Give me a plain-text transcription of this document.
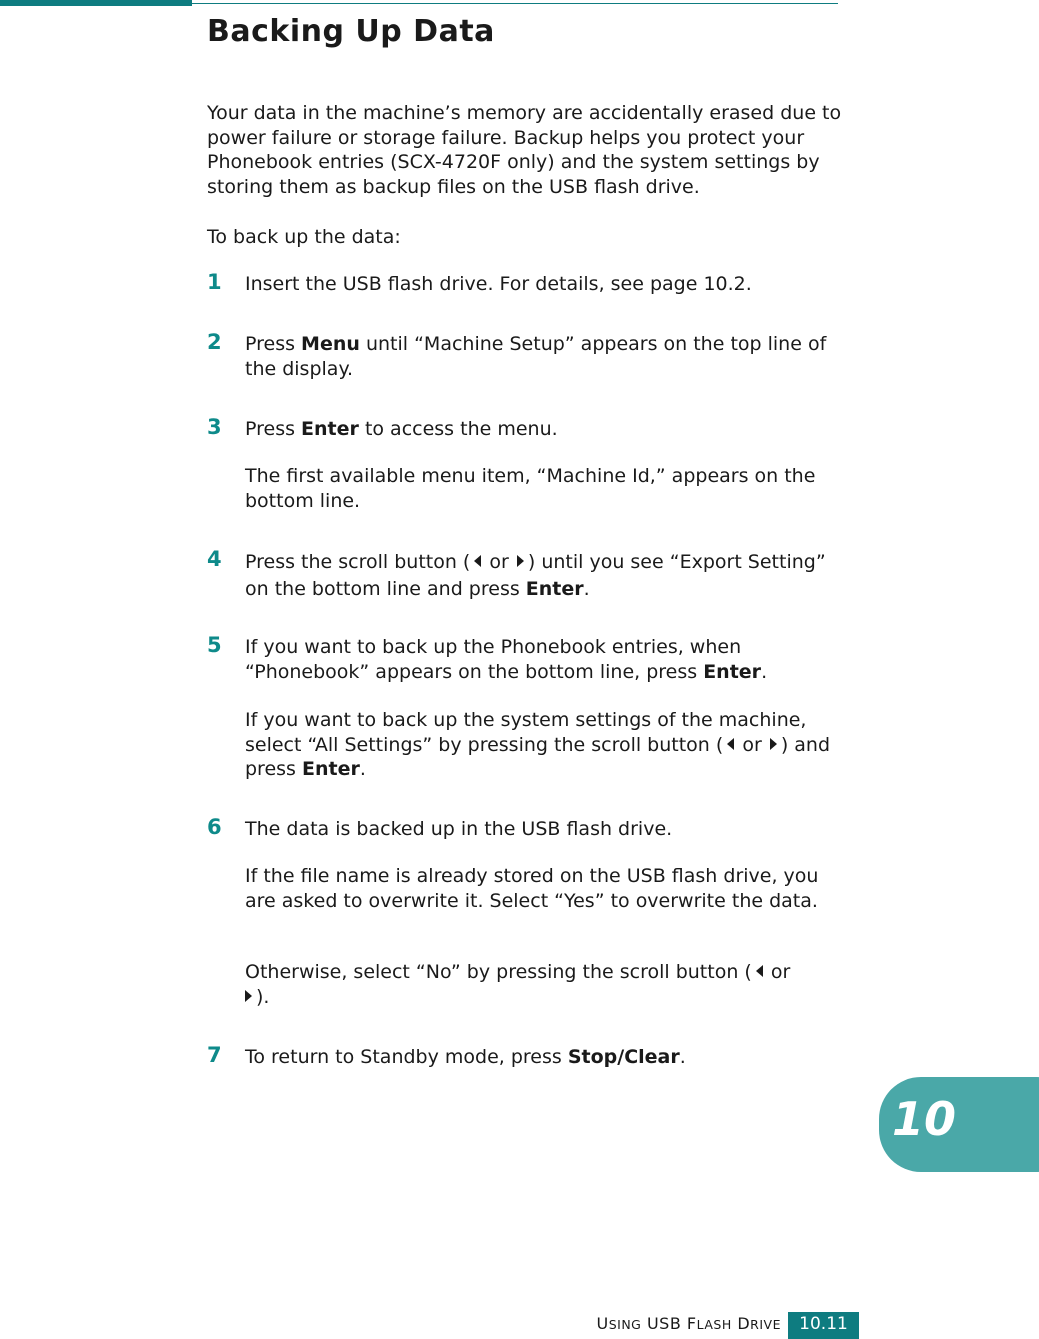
Backing Up Data

Your data in the machine’s memory are accidentally erased due to power failure or storage failure. Backup helps you protect your Phonebook entries (SCX-4720F only) and the system settings by storing them as backup files on the USB flash drive.

To back up the data:

1 Insert the USB flash drive. For details, see page 10.2.

2 Press Menu until “Machine Setup” appears on the top line of the display.

3 Press Enter to access the menu.

The first available menu item, “Machine Id,” appears on the bottom line.

4 Press the scroll button ( or ) until you see “Export Setting” on the bottom line and press Enter.

5 If you want to back up the Phonebook entries, when “Phonebook” appears on the bottom line, press Enter.

If you want to back up the system settings of the machine, select “All Settings” by pressing the scroll button ( or ) and press Enter.

6 The data is backed up in the USB flash drive.

If the file name is already stored on the USB flash drive, you are asked to overwrite it. Select “Yes” to overwrite the data.

Otherwise, select “No” by pressing the scroll button ( or
).

7 To return to Standby mode, press Stop/Clear.

10
USING USB FLASH DRIVE	10.11
